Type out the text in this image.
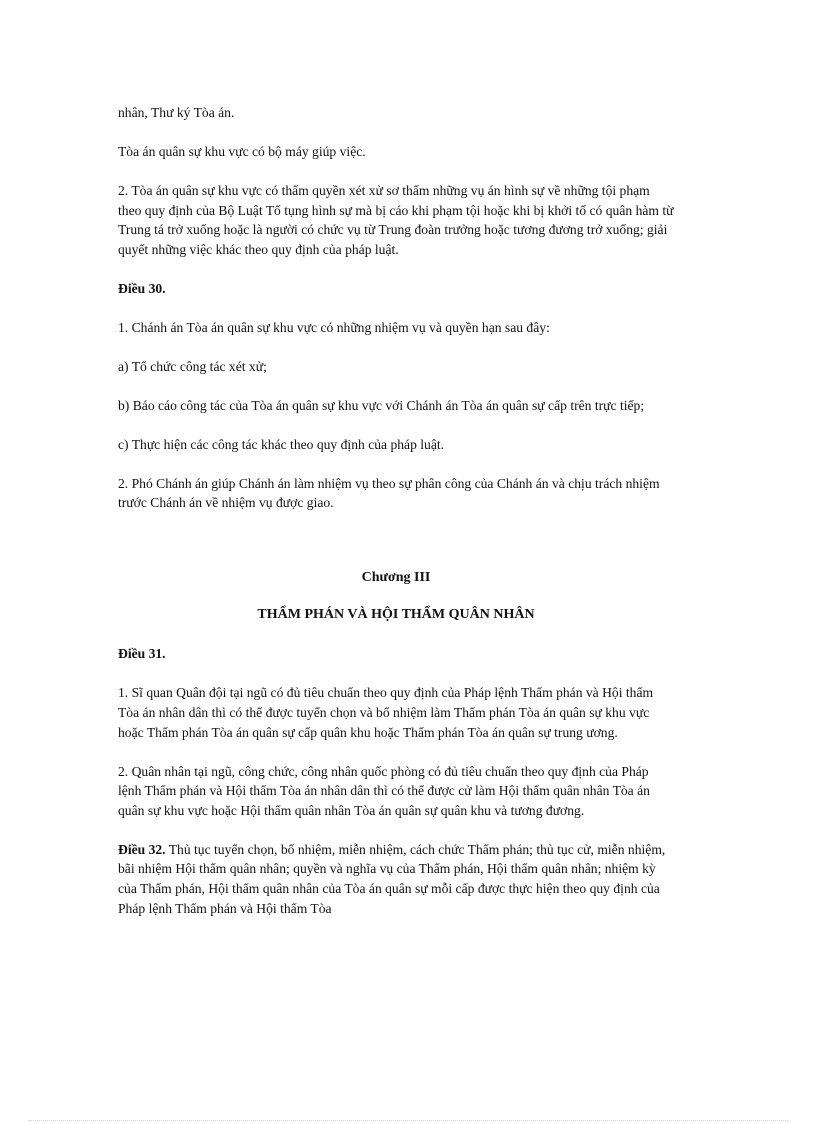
nhân, Thư ký Tòa án.

Tòa án quân sự khu vực có bộ máy giúp việc.

2. Tòa án quân sự khu vực có thẩm quyền xét xử sơ thẩm những vụ án hình sự về những tội phạm theo quy định của Bộ Luật Tố tụng hình sự mà bị cáo khi phạm tội hoặc khi bị khởi tố có quân hàm từ Trung tá trở xuống hoặc là người có chức vụ từ Trung đoàn trưởng hoặc tương đương trở xuống; giải quyết những việc khác theo quy định của pháp luật.

Điều 30.

1. Chánh án Tòa án quân sự khu vực có những nhiệm vụ và quyền hạn sau đây:

a) Tổ chức công tác xét xử;

b) Báo cáo công tác của Tòa án quân sự khu vực với Chánh án Tòa án quân sự cấp trên trực tiếp;

c) Thực hiện các công tác khác theo quy định của pháp luật.

2. Phó Chánh án giúp Chánh án làm nhiệm vụ theo sự phân công của Chánh án và chịu trách nhiệm trước Chánh án về nhiệm vụ được giao.

Chương III

THẨM PHÁN VÀ HỘI THẨM QUÂN NHÂN

Điều 31.

1. Sĩ quan Quân đội tại ngũ có đủ tiêu chuẩn theo quy định của Pháp lệnh Thẩm phán và Hội thẩm Tòa án nhân dân thì có thể được tuyển chọn và bổ nhiệm làm Thẩm phán Tòa án quân sự khu vực hoặc Thẩm phán Tòa án quân sự cấp quân khu hoặc Thẩm phán Tòa án quân sự trung ương.

2. Quân nhân tại ngũ, công chức, công nhân quốc phòng có đủ tiêu chuẩn theo quy định của Pháp lệnh Thẩm phán và Hội thẩm Tòa án nhân dân thì có thể được cử làm Hội thẩm quân nhân Tòa án quân sự khu vực hoặc Hội thẩm quân nhân Tòa án quân sự quân khu và tương đương.

Điều 32. Thủ tục tuyển chọn, bổ nhiệm, miễn nhiệm, cách chức Thẩm phán; thủ tục cử, miễn nhiệm, bãi nhiệm Hội thẩm quân nhân; quyền và nghĩa vụ của Thẩm phán, Hội thẩm quân nhân; nhiệm kỳ của Thẩm phán, Hội thẩm quân nhân của Tòa án quân sự mỗi cấp được thực hiện theo quy định của Pháp lệnh Thẩm phán và Hội thẩm Tòa
